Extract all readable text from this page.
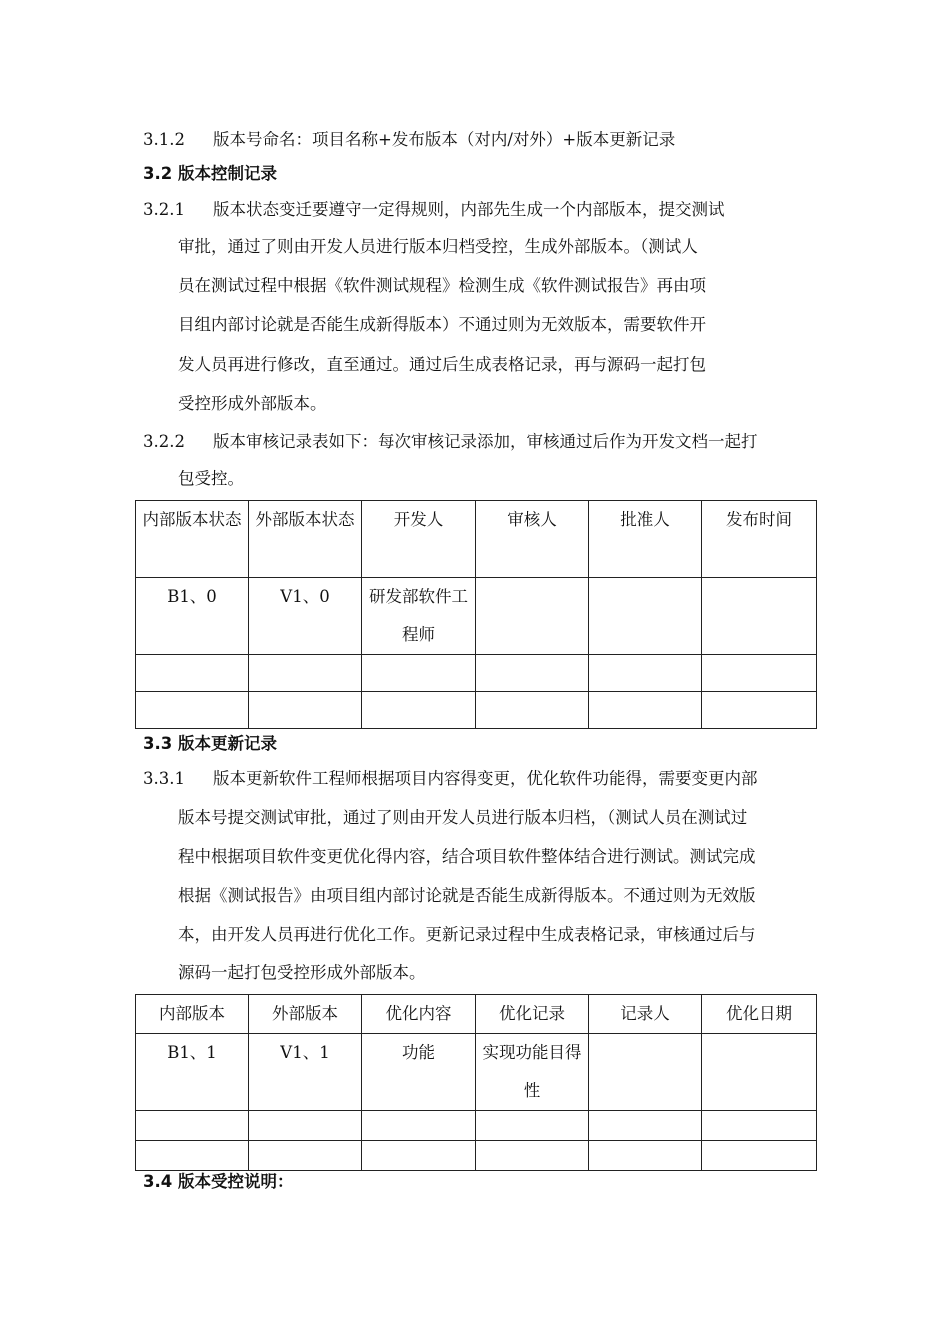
3.1.2 版本号命名：项目名称+发布版本（对内/对外）+版本更新记录
3.2 版本控制记录
3.2.1 版本状态变迁要遵守一定得规则，内部先生成一个内部版本，提交测试
审批，通过了则由开发人员进行版本归档受控，生成外部版本。（测试人
员在测试过程中根据《软件测试规程》检测生成《软件测试报告》再由项
目组内部讨论就是否能生成新得版本）不通过则为无效版本，需要软件开
发人员再进行修改，直至通过。通过后生成表格记录，再与源码一起打包
受控形成外部版本。
3.2.2 版本审核记录表如下：每次审核记录添加，审核通过后作为开发文档一起打
包受控。
内部版本状态	外部版本状态	开发人	审核人	批准人	发布时间
B1、0	V1、0	研发部软件工程师			

3.3 版本更新记录
3.3.1 版本更新软件工程师根据项目内容得变更，优化软件功能得，需要变更内部
版本号提交测试审批，通过了则由开发人员进行版本归档，（测试人员在测试过
程中根据项目软件变更优化得内容，结合项目软件整体结合进行测试。测试完成
根据《测试报告》由项目组内部讨论就是否能生成新得版本。不通过则为无效版
本，由开发人员再进行优化工作。更新记录过程中生成表格记录，审核通过后与
源码一起打包受控形成外部版本。
内部版本	外部版本	优化内容	优化记录	记录人	优化日期
B1、1	V1、1	功能	实现功能目得性		

3.4 版本受控说明：
